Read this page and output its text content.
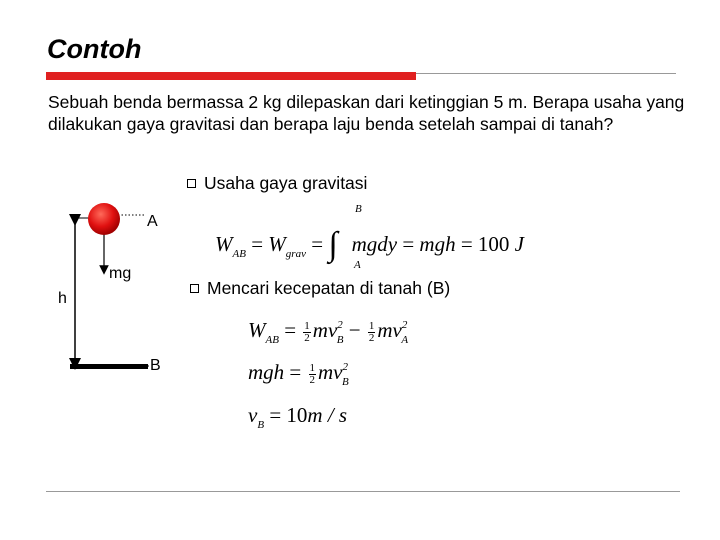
Contoh
Sebuah benda bermassa 2 kg dilepaskan dari ketinggian 5 m. Berapa usaha yang dilakukan gaya gravitasi dan berapa laju benda setelah sampai di tanah?
Usaha gaya gravitasi
A
mg
h
B
$W_{AB} = W_{grav}$ = ∫ mgdy = mgh = 100 J
B
A
Mencari kecepatan di tanah (B)
$W_{AB} = \frac{1}{2} mv^2_B - \frac{1}{2} mv^2_A$
mgh = $\frac{1}{2} mv^2_B$
$v_B = 10m / s$
